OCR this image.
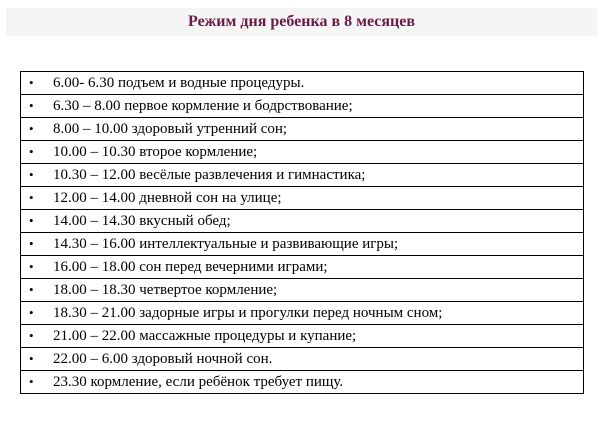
Режим дня ребенка в 8 месяцев
• 6.00- 6.30 подъем и водные процедуры.
• 6.30 – 8.00 первое кормление и бодрствование;
• 8.00 – 10.00 здоровый утренний сон;
• 10.00 – 10.30 второе кормление;
• 10.30 – 12.00 весёлые развлечения и гимнастика;
• 12.00 – 14.00 дневной сон на улице;
• 14.00 – 14.30 вкусный обед;
• 14.30 – 16.00 интеллектуальные и развивающие игры;
• 16.00 – 18.00 сон перед вечерними играми;
• 18.00 – 18.30 четвертое кормление;
• 18.30 – 21.00 задорные игры и прогулки перед ночным сном;
• 21.00 – 22.00 массажные процедуры и купание;
• 22.00 – 6.00 здоровый ночной сон.
• 23.30 кормление, если ребёнок требует пищу.
